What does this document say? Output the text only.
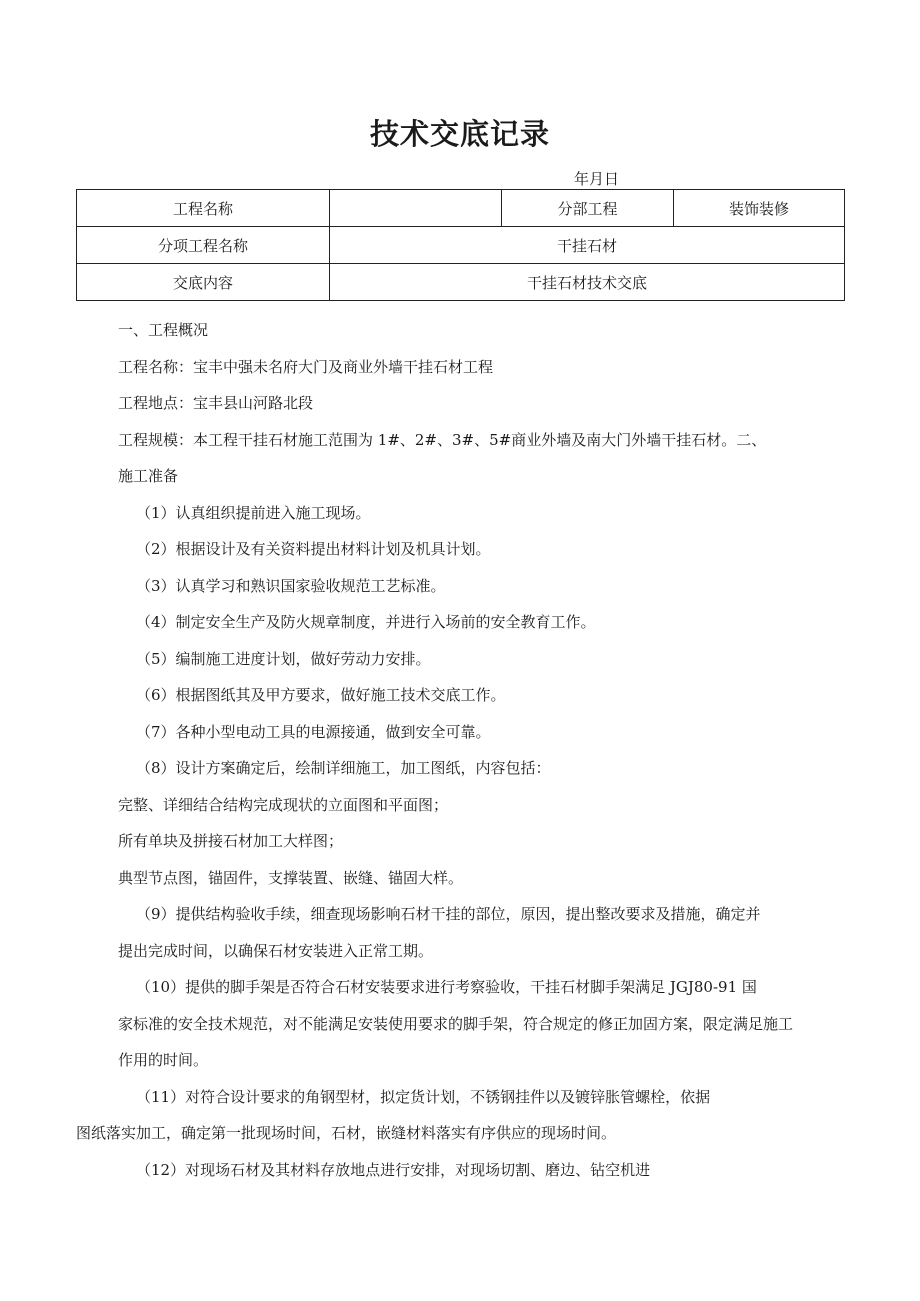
技术交底记录
年月日
工程名称		分部工程	装饰装修
分项工程名称	干挂石材		
交底内容	干挂石材技术交底		

一、工程概况

工程名称：宝丰中强未名府大门及商业外墙干挂石材工程

工程地点：宝丰县山河路北段

工程规模：本工程干挂石材施工范围为 1#、2#、3#、5#商业外墙及南大门外墙干挂石材。二、

施工准备

（1）认真组织提前进入施工现场。

（2）根据设计及有关资料提出材料计划及机具计划。

（3）认真学习和熟识国家验收规范工艺标准。

（4）制定安全生产及防火规章制度，并进行入场前的安全教育工作。

（5）编制施工进度计划，做好劳动力安排。

（6）根据图纸其及甲方要求，做好施工技术交底工作。

（7）各种小型电动工具的电源接通，做到安全可靠。

（8）设计方案确定后，绘制详细施工，加工图纸，内容包括：

完整、详细结合结构完成现状的立面图和平面图；

所有单块及拼接石材加工大样图；

典型节点图，锚固件，支撑装置、嵌缝、锚固大样。

（9）提供结构验收手续，细查现场影响石材干挂的部位，原因，提出整改要求及措施，确定并

提出完成时间，以确保石材安装进入正常工期。

（10）提供的脚手架是否符合石材安装要求进行考察验收，干挂石材脚手架满足 JGJ80-91 国

家标准的安全技术规范，对不能满足安装使用要求的脚手架，符合规定的修正加固方案，限定满足施工

作用的时间。

（11）对符合设计要求的角钢型材，拟定货计划，不锈钢挂件以及镀锌胀管螺栓，依据

图纸落实加工，确定第一批现场时间，石材，嵌缝材料落实有序供应的现场时间。

（12）对现场石材及其材料存放地点进行安排，对现场切割、磨边、钻空机进
